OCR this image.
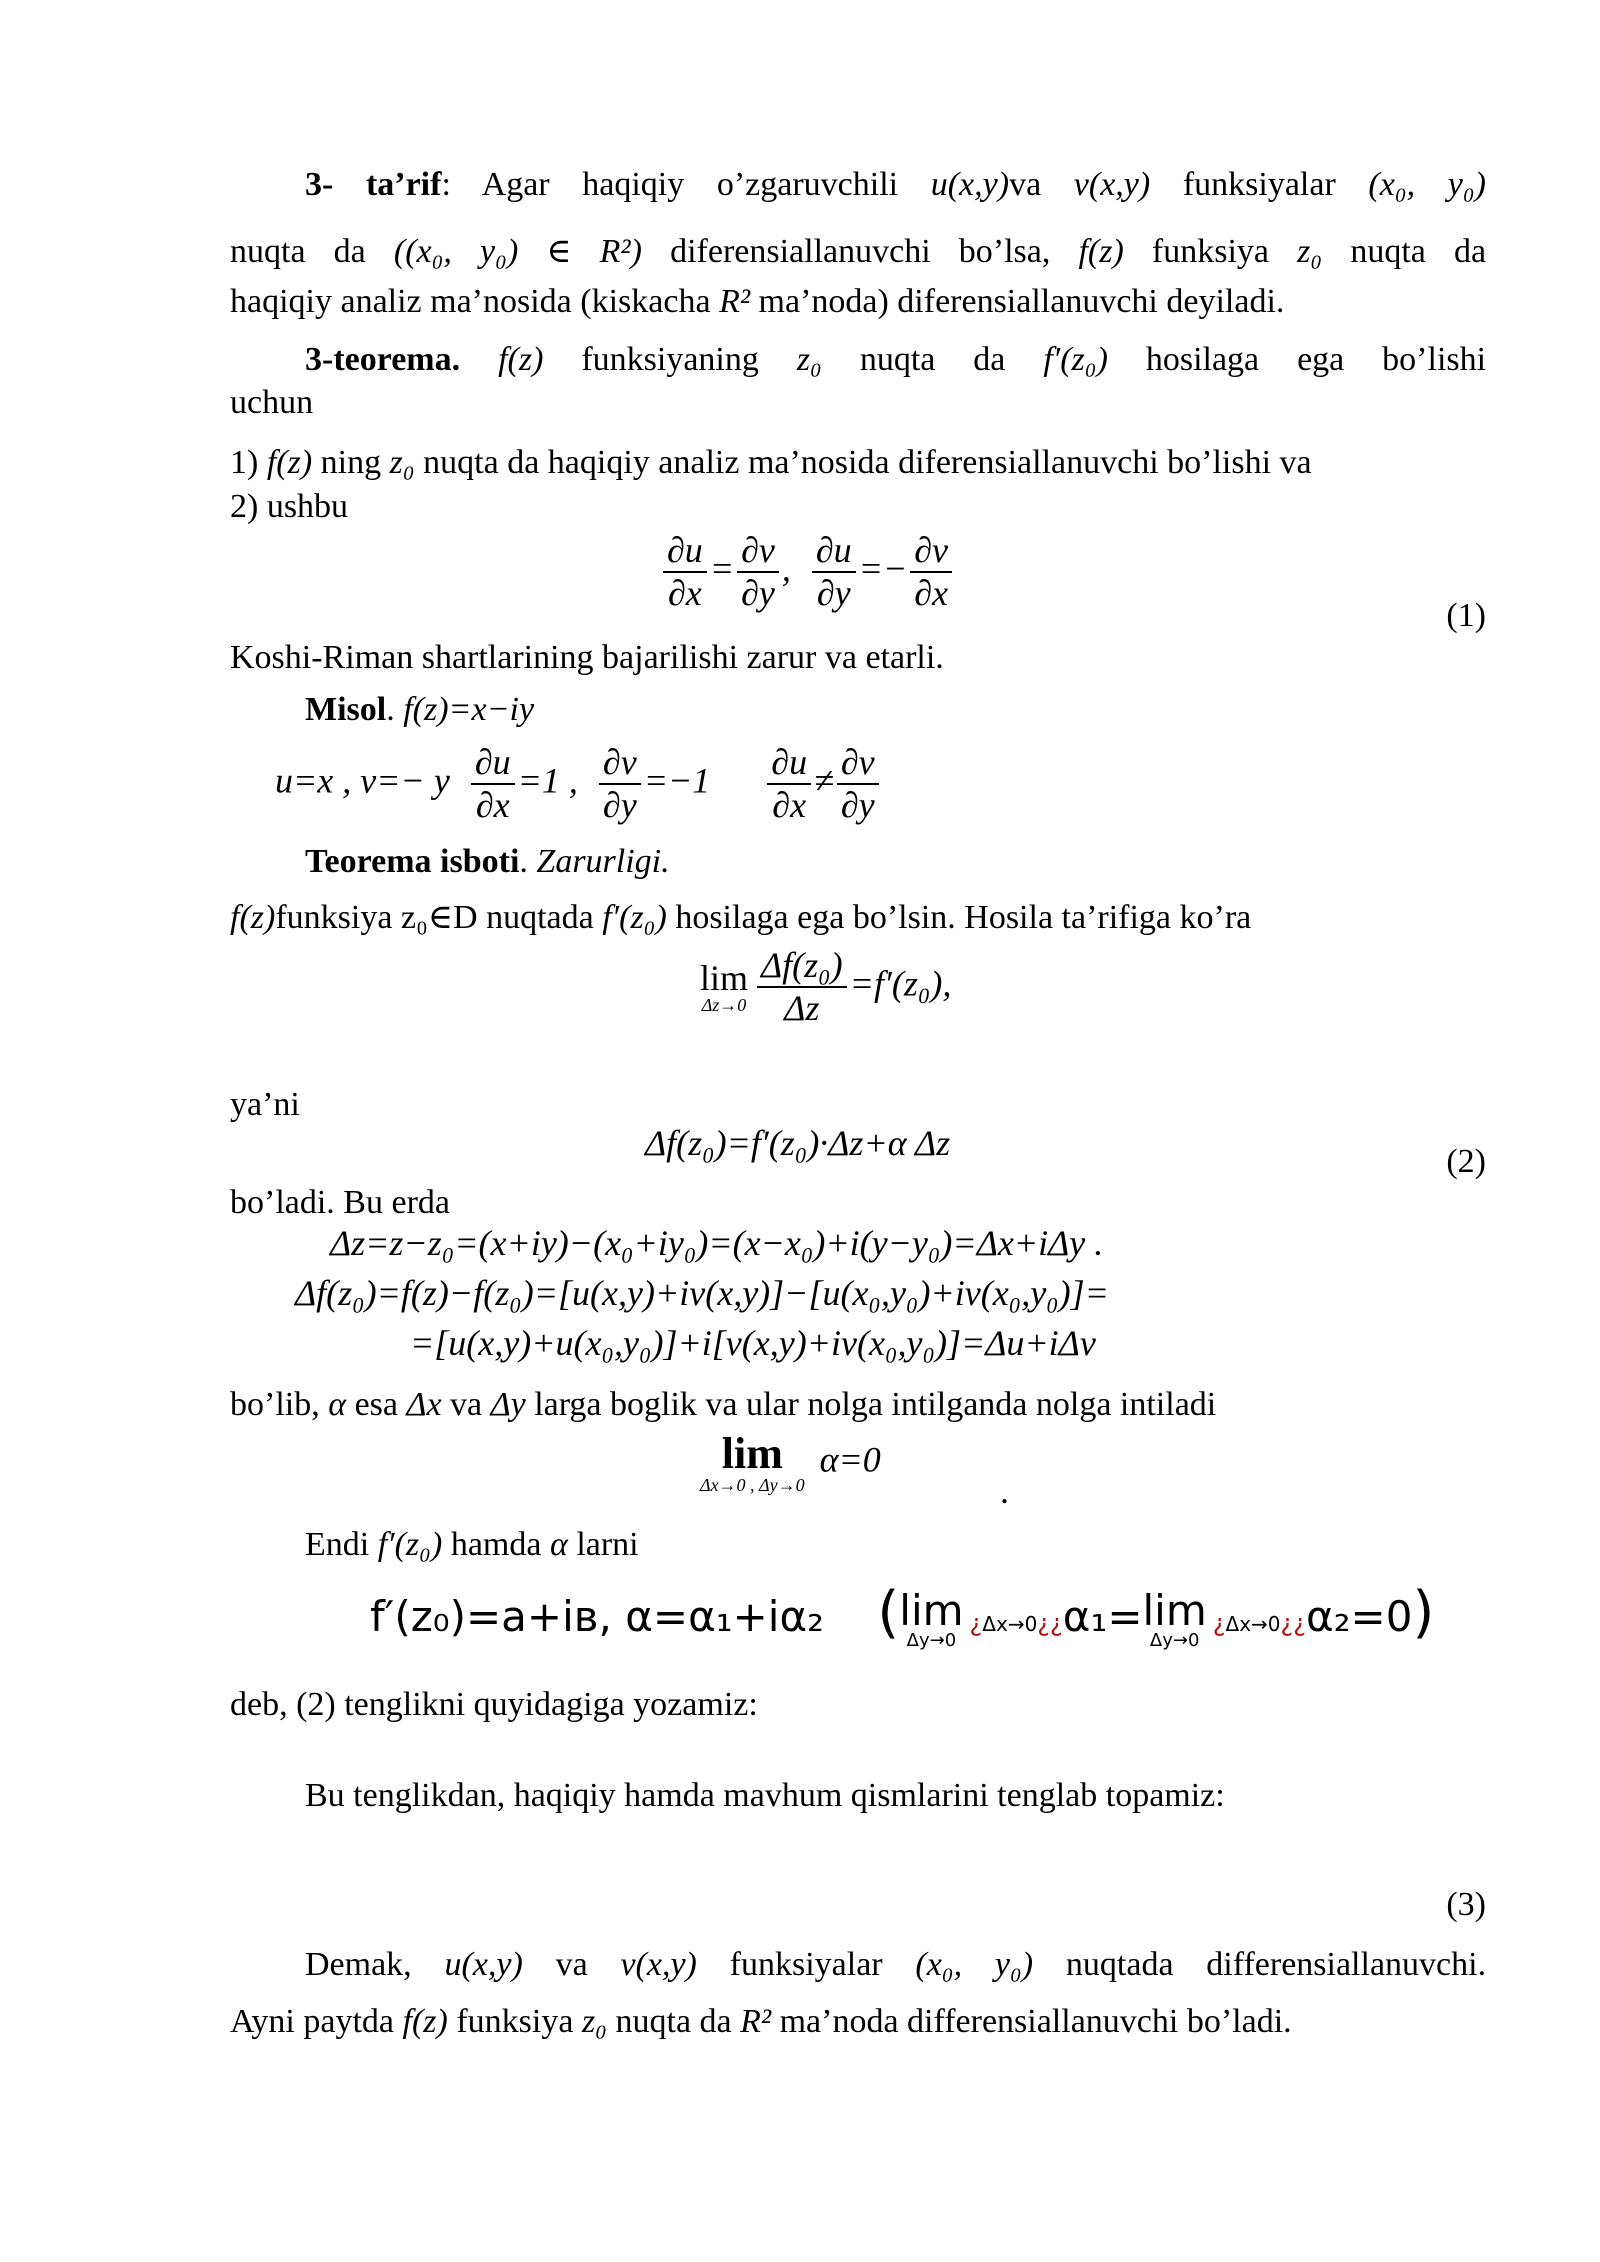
3- ta’rif: Agar haqiqiy o’zgaruvchili u(x,y)va v(x,y) funksiyalar (x₀, y₀)
nuqta da ((x₀, y₀) ∈ R²) diferensiallanuvchi bo’lsa, f(z) funksiya z₀ nuqta da
haqiqiy analiz ma’nosida (kiskacha R² ma’noda) diferensiallanuvchi deyiladi.
3-teorema. f(z) funksiyaning z₀ nuqta da f′(z₀) hosilaga ega bo’lishi
uchun
1) f(z) ning z₀ nuqta da haqiqiy analiz ma’nosida diferensiallanuvchi bo’lishi va
2) ushbu
$\frac{\partial u}{\partial x} = \frac{\partial v}{\partial y}$ , $\frac{\partial u}{\partial y} =- \frac{\partial v}{\partial x}$
(1)
Koshi-Riman shartlarining bajarilishi zarur va etarli.
Misol. f(z)=x−iy
u=x , v=− y $\frac{\partial u}{\partial x} =1$ , $\frac{\partial v}{\partial y} =-1 \frac{\partial u}{\partial x} \ne \frac{\partial v}{\partial y}$
Teorema isboti. Zarurligi.
f(z)funksiya z₀∈D nuqtada f′(z₀) hosilaga ega bo’lsin. Hosila ta’rifiga ko’ra
lim
$\Delta z\to 0 \frac{\text{Δf(z₀)}}{\Delta z} =f'(z_0)$,
ya’ni
Δf(z₀)=f′(z₀)·Δz+α Δz	(2)
bo’ladi. Bu erda
Δz=z−z₀=(x+iy)−(x₀+iy₀)=(x−x₀)+i(y−y₀)=Δx+iΔy .
Δf(z₀)=f(z)−f(z₀)=[u(x,y)+iv(x,y)]−[u(x₀,y₀)+iv(x₀,y₀)]=
=[u(x,y)+u(x₀,y₀)]+i[v(x,y)+iv(x₀,y₀)]=Δu+iΔv
bo’lib, α esa Δx va Δy larga boglik va ular nolga intilganda nolga intiladi
lim
Δx→0 , Δy→0
α=0
.
Endi f′(z₀) hamda α larni
f′(z₀)=a+iв, α=α₁+iα₂ ( lim
Δy→0
¿Δx→0¿¿α₁= lim
Δy→0
¿Δx→0¿¿α₂=0)
deb, (2) tenglikni quyidagiga yozamiz:
Bu tenglikdan, haqiqiy hamda mavhum qismlarini tenglab topamiz:
(3)
Demak, u(x,y) va v(x,y) funksiyalar (x₀, y₀) nuqtada differensiallanuvchi.
Ayni paytda f(z) funksiya z₀ nuqta da R² ma’noda differensiallanuvchi bo’ladi.
